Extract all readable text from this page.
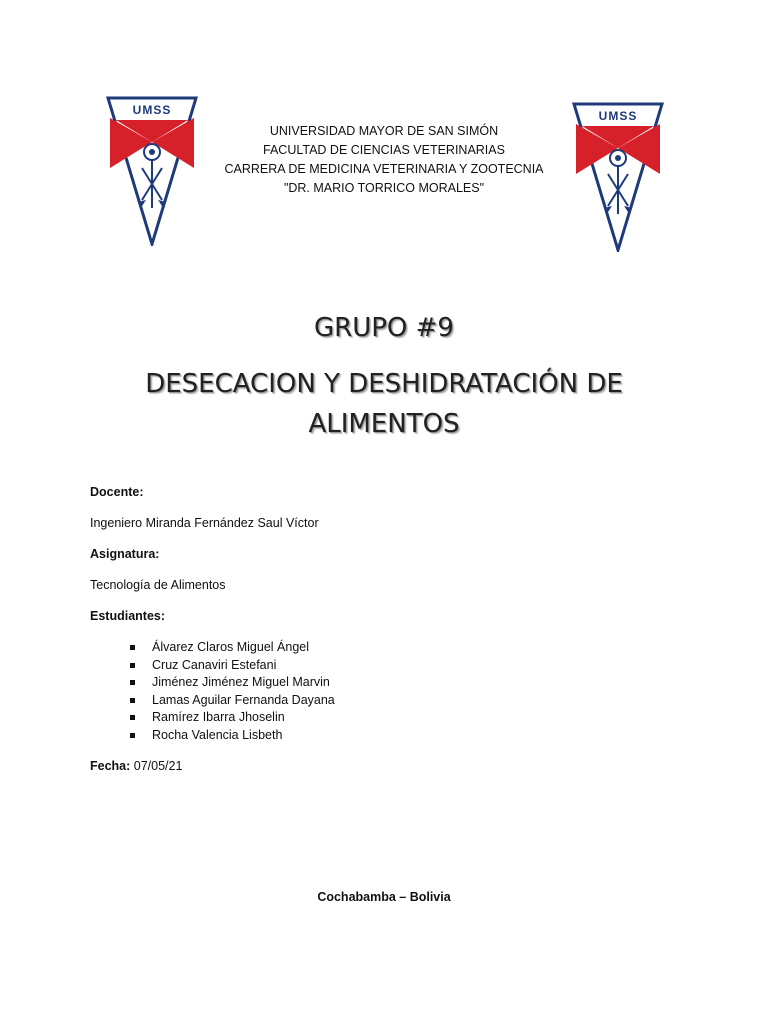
UMSS	UMSS
UNIVERSIDAD MAYOR DE SAN SIMÓN
FACULTAD DE CIENCIAS VETERINARIAS
CARRERA DE MEDICINA VETERINARIA Y ZOOTECNIA
"DR. MARIO TORRICO MORALES"
GRUPO #9
DESECACION Y DESHIDRATACIÓN DE
ALIMENTOS
Docente:
Ingeniero Miranda Fernández Saul Víctor
Asignatura:
Tecnología de Alimentos
Estudiantes:
Álvarez Claros Miguel Ángel
Cruz Canaviri Estefani
Jiménez Jiménez Miguel Marvin
Lamas Aguilar Fernanda Dayana
Ramírez Ibarra Jhoselin
Rocha Valencia Lisbeth
Fecha: 07/05/21
Cochabamba – Bolivia
